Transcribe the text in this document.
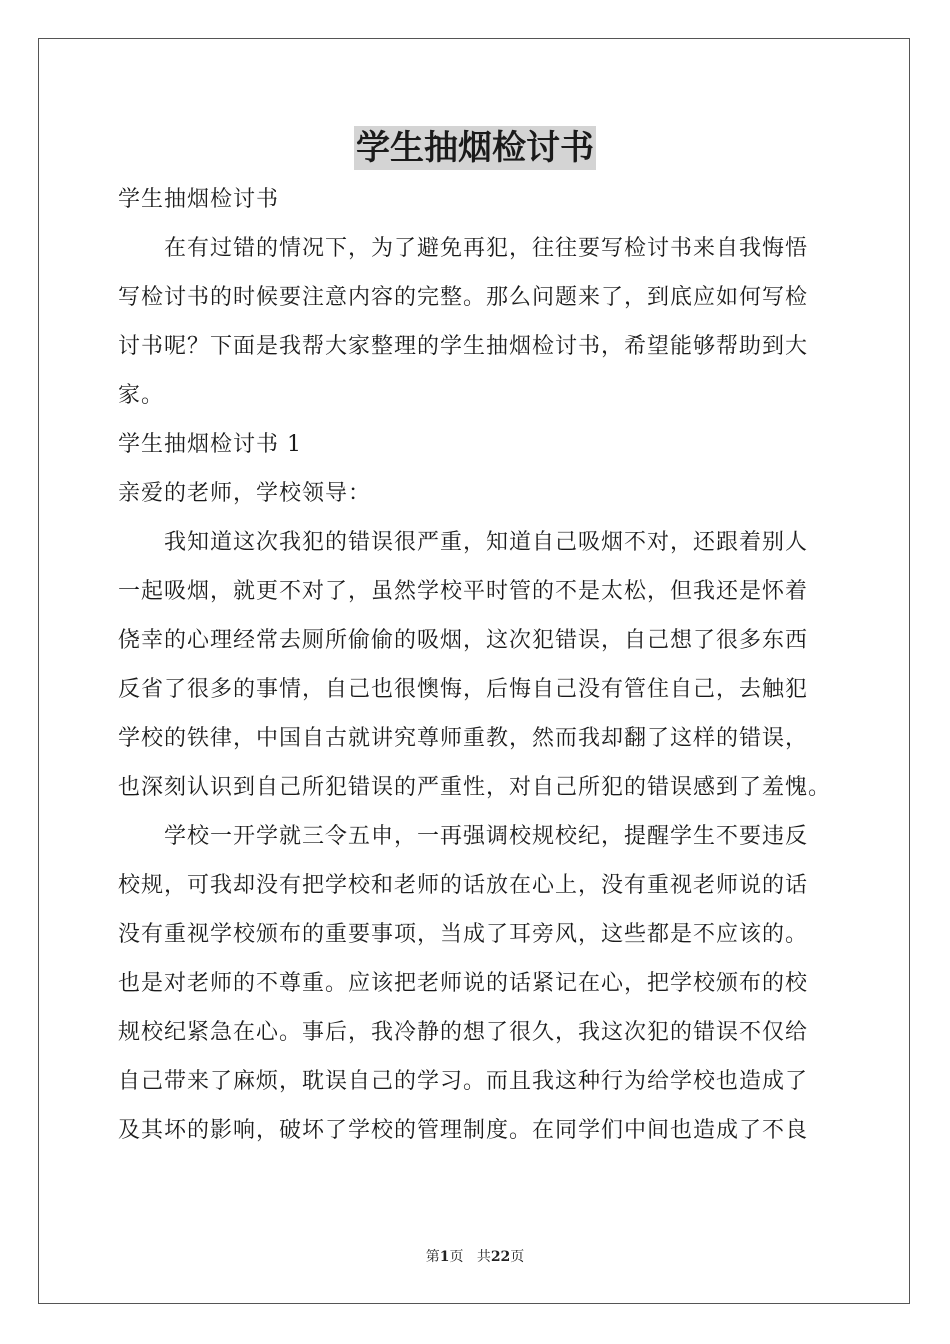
学生抽烟检讨书
学生抽烟检讨书
在有过错的情况下，为了避免再犯，往往要写检讨书来自我悔悟
写检讨书的时候要注意内容的完整。那么问题来了，到底应如何写检
讨书呢？下面是我帮大家整理的学生抽烟检讨书，希望能够帮助到大
家。
学生抽烟检讨书 1
亲爱的老师，学校领导：
我知道这次我犯的错误很严重，知道自己吸烟不对，还跟着别人
一起吸烟，就更不对了，虽然学校平时管的不是太松，但我还是怀着
侥幸的心理经常去厕所偷偷的吸烟，这次犯错误，自己想了很多东西
反省了很多的事情，自己也很懊悔，后悔自己没有管住自己，去触犯
学校的铁律，中国自古就讲究尊师重教，然而我却翻了这样的错误，
也深刻认识到自己所犯错误的严重性，对自己所犯的错误感到了羞愧。
学校一开学就三令五申，一再强调校规校纪，提醒学生不要违反
校规，可我却没有把学校和老师的话放在心上，没有重视老师说的话
没有重视学校颁布的重要事项，当成了耳旁风，这些都是不应该的。
也是对老师的不尊重。应该把老师说的话紧记在心，把学校颁布的校
规校纪紧急在心。事后，我冷静的想了很久，我这次犯的错误不仅给
自己带来了麻烦，耽误自己的学习。而且我这种行为给学校也造成了
及其坏的影响，破坏了学校的管理制度。在同学们中间也造成了不良
第1页 共22页
